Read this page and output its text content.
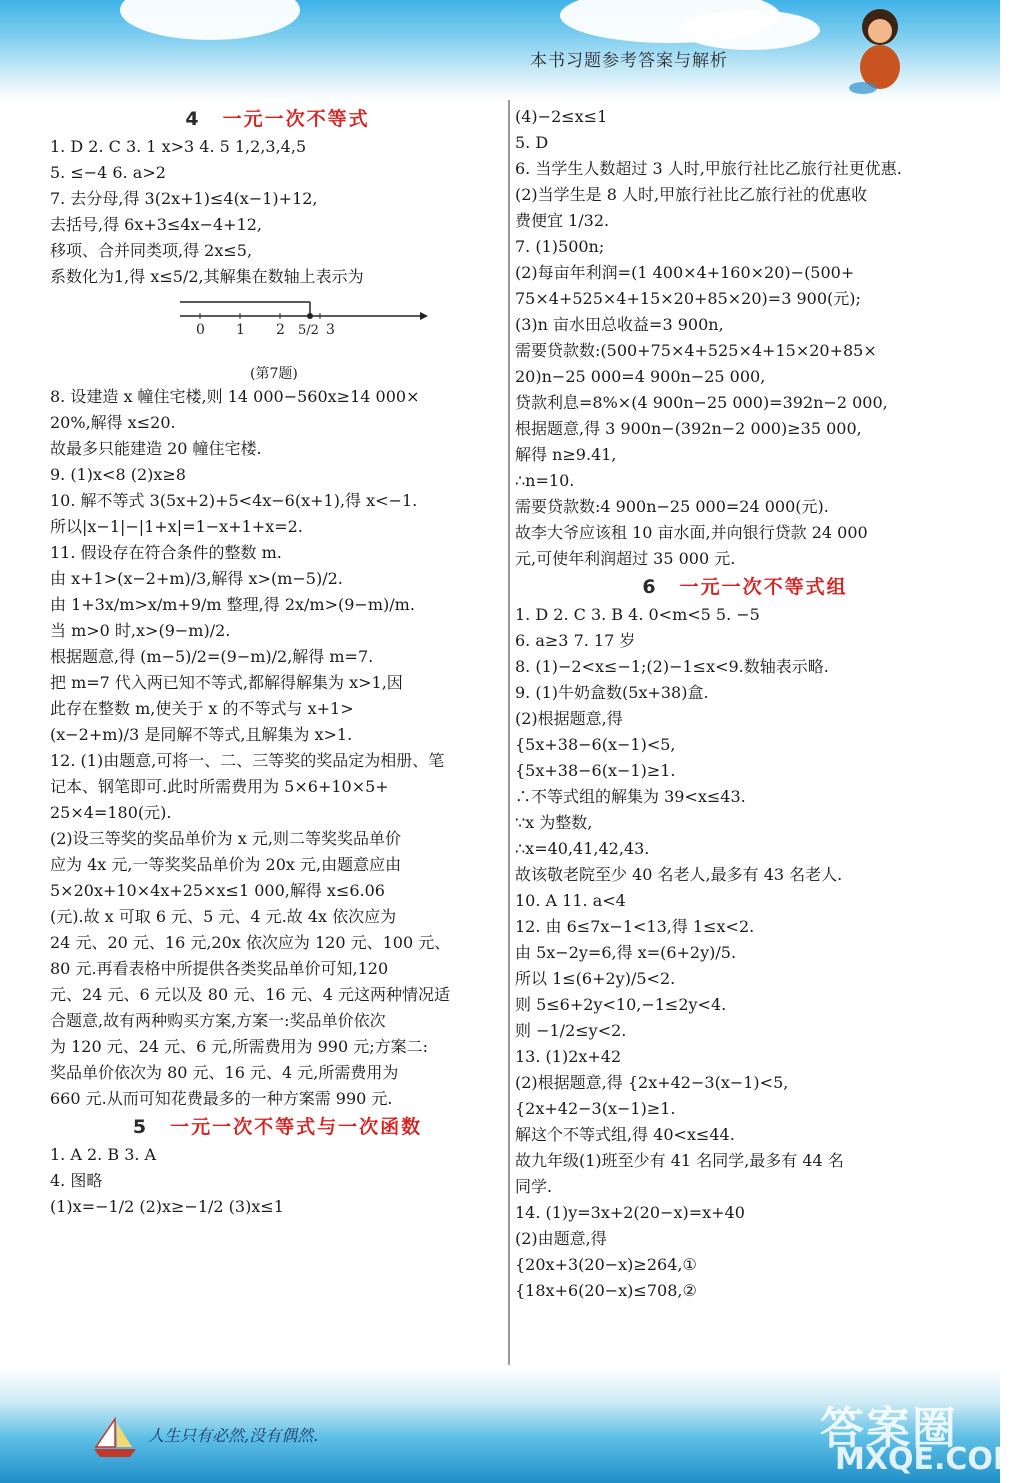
本书习题参考答案与解析
4 一元一次不等式
1. D 2. C 3. 1 x>3 4. 5 1,2,3,4,5
5. ≤−4 6. a>2
7. 去分母,得 3(2x+1)≤4(x−1)+12,
去括号,得 6x+3≤4x−4+12,
移项、合并同类项,得 2x≤5,
系数化为1,得 x≤5/2,其解集在数轴上表示为
0 1 2 5/2 3
(第7题)
8. 设建造 x 幢住宅楼,则 14 000−560x≥14 000×
20%,解得 x≤20.
故最多只能建造 20 幢住宅楼.
9. (1)x<8 (2)x≥8
10. 解不等式 3(5x+2)+5<4x−6(x+1),得 x<−1.
所以|x−1|−|1+x|=1−x+1+x=2.
11. 假设存在符合条件的整数 m.
由 x+1>(x−2+m)/3,解得 x>(m−5)/2.
由 1+3x/m>x/m+9/m 整理,得 2x/m>(9−m)/m.
当 m>0 时,x>(9−m)/2.
根据题意,得 (m−5)/2=(9−m)/2,解得 m=7.
把 m=7 代入两已知不等式,都解得解集为 x>1,因
此存在整数 m,使关于 x 的不等式与 x+1>
(x−2+m)/3 是同解不等式,且解集为 x>1.
12. (1)由题意,可将一、二、三等奖的奖品定为相册、笔
记本、钢笔即可.此时所需费用为 5×6+10×5+
25×4=180(元).
(2)设三等奖的奖品单价为 x 元,则二等奖奖品单价
应为 4x 元,一等奖奖品单价为 20x 元,由题意应由
5×20x+10×4x+25×x≤1 000,解得 x≤6.06
(元).故 x 可取 6 元、5 元、4 元.故 4x 依次应为
24 元、20 元、16 元,20x 依次应为 120 元、100 元、
80 元.再看表格中所提供各类奖品单价可知,120
元、24 元、6 元以及 80 元、16 元、4 元这两种情况适
合题意,故有两种购买方案,方案一:奖品单价依次
为 120 元、24 元、6 元,所需费用为 990 元;方案二:
奖品单价依次为 80 元、16 元、4 元,所需费用为
660 元.从而可知花费最多的一种方案需 990 元.
5 一元一次不等式与一次函数
1. A 2. B 3. A
4. 图略
(1)x=−1/2 (2)x≥−1/2 (3)x≤1
(4)−2≤x≤1
5. D
6. 当学生人数超过 3 人时,甲旅行社比乙旅行社更优惠.
(2)当学生是 8 人时,甲旅行社比乙旅行社的优惠收
费便宜 1/32.
7. (1)500n;
(2)每亩年利润=(1 400×4+160×20)−(500+
75×4+525×4+15×20+85×20)=3 900(元);
(3)n 亩水田总收益=3 900n,
需要贷款数:(500+75×4+525×4+15×20+85×
20)n−25 000=4 900n−25 000,
贷款利息=8%×(4 900n−25 000)=392n−2 000,
根据题意,得 3 900n−(392n−2 000)≥35 000,
解得 n≥9.41,
∴n=10.
需要贷款数:4 900n−25 000=24 000(元).
故李大爷应该租 10 亩水面,并向银行贷款 24 000
元,可使年利润超过 35 000 元.
6 一元一次不等式组
1. D 2. C 3. B 4. 0<m<5 5. −5
6. a≥3 7. 17 岁
8. (1)−2<x≤−1;(2)−1≤x<9.数轴表示略.
9. (1)牛奶盒数(5x+38)盒.
(2)根据题意,得
{5x+38−6(x−1)<5,
{5x+38−6(x−1)≥1.
∴不等式组的解集为 39<x≤43.
∵x 为整数,
∴x=40,41,42,43.
故该敬老院至少 40 名老人,最多有 43 名老人.
10. A 11. a<4
12. 由 6≤7x−1<13,得 1≤x<2.
由 5x−2y=6,得 x=(6+2y)/5.
所以 1≤(6+2y)/5<2.
则 5≤6+2y<10,−1≤2y<4.
则 −1/2≤y<2.
13. (1)2x+42
(2)根据题意,得 {2x+42−3(x−1)<5,
{2x+42−3(x−1)≥1.
解这个不等式组,得 40<x≤44.
故九年级(1)班至少有 41 名同学,最多有 44 名
同学.
14. (1)y=3x+2(20−x)=x+40
(2)由题意,得
{20x+3(20−x)≥264,①
{18x+6(20−x)≤708,②
人生只有必然,没有偶然.	答案圈
MXQE.COM
